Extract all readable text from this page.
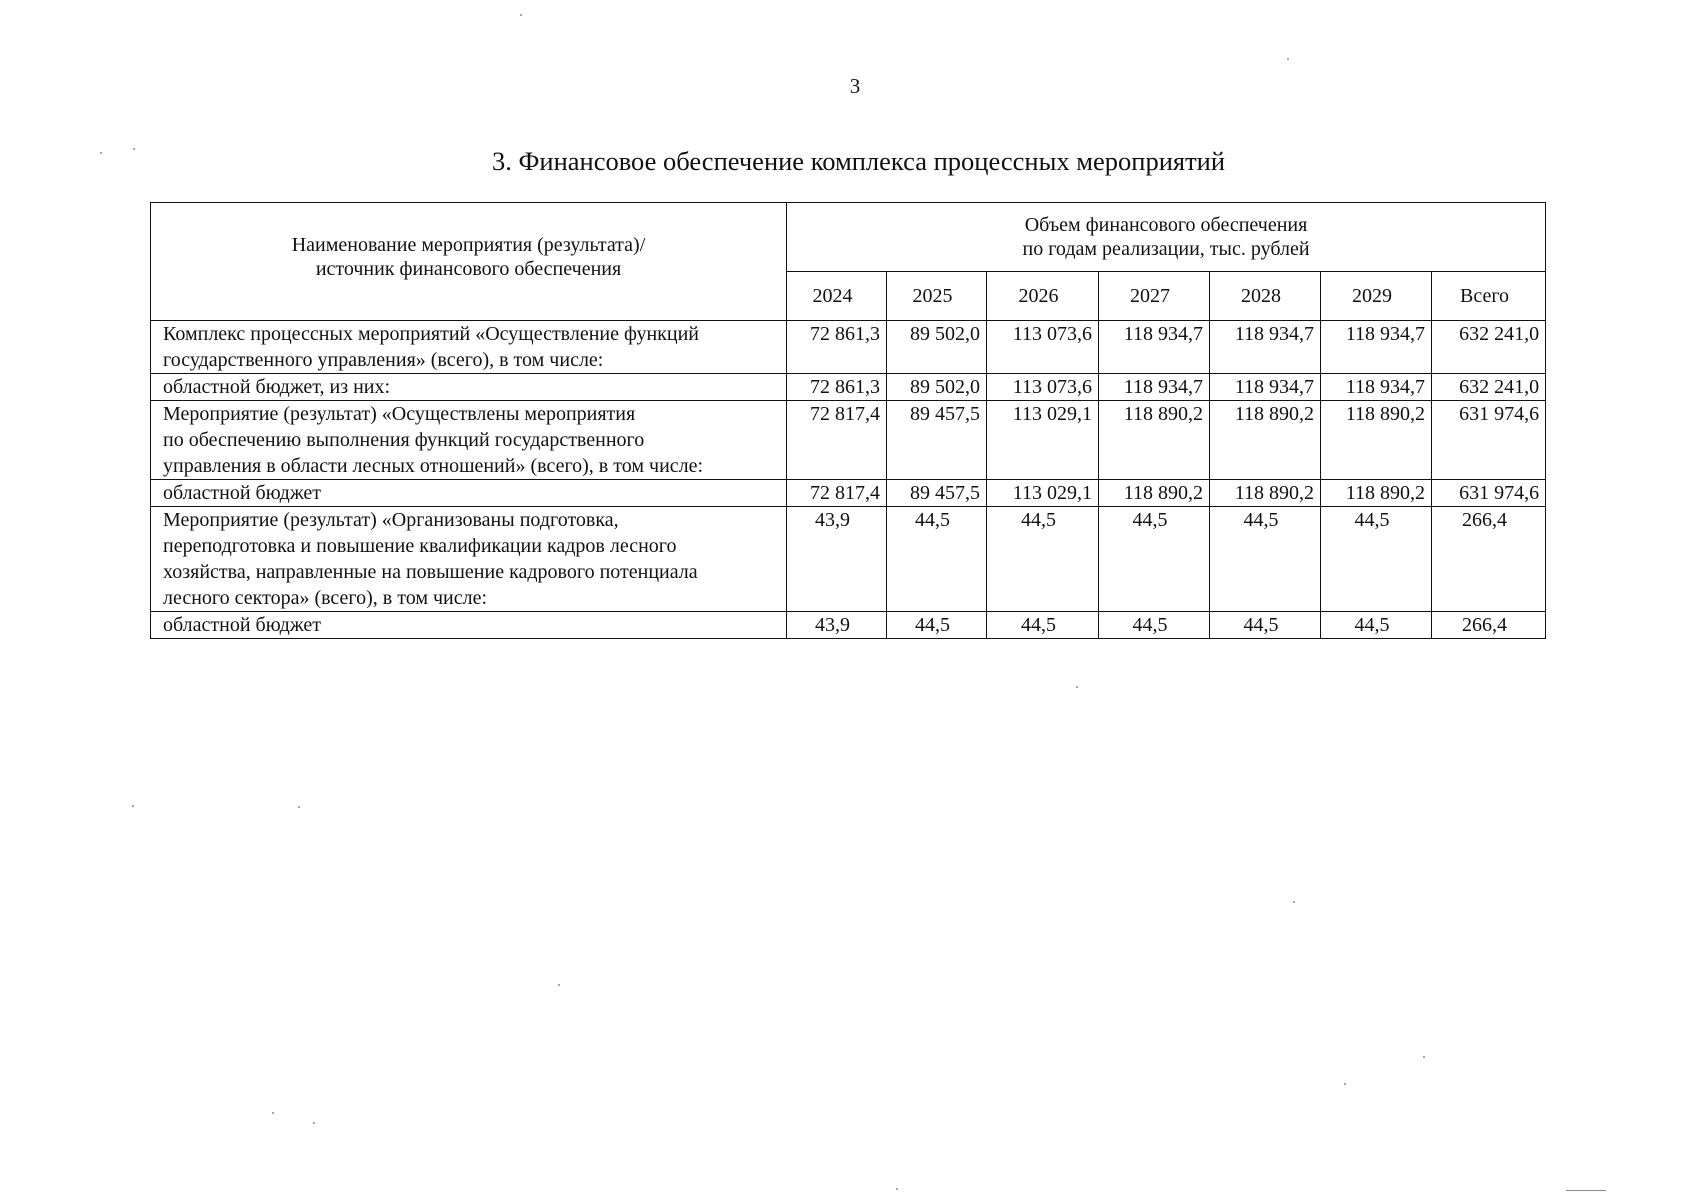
3
3. Финансовое обеспечение комплекса процессных мероприятий
Наименование мероприятия (результата)/
источник финансового обеспечения	Объем финансового обеспечения
по годам реализации, тыс. рублей						
	2024	2025	2026	2027	2028	2029	Всего

Комплекс процессных мероприятий «Осуществление функций
государственного управления» (всего), в том числе:	72 861,3	89 502,0	113 073,6	118 934,7	118 934,7	118 934,7	632 241,0

областной бюджет, из них:	72 861,3	89 502,0	113 073,6	118 934,7	118 934,7	118 934,7	632 241,0

Мероприятие (результат) «Осуществлены мероприятия
по обеспечению выполнения функций государственного
управления в области лесных отношений» (всего), в том числе:	72 817,4	89 457,5	113 029,1	118 890,2	118 890,2	118 890,2	631 974,6

областной бюджет	72 817,4	89 457,5	113 029,1	118 890,2	118 890,2	118 890,2	631 974,6

Мероприятие (результат) «Организованы подготовка,
переподготовка и повышение квалификации кадров лесного
хозяйства, направленные на повышение кадрового потенциала
лесного сектора» (всего), в том числе:	43,9	44,5	44,5	44,5	44,5	44,5	266,4

областной бюджет	43,9	44,5	44,5	44,5	44,5	44,5	266,4
